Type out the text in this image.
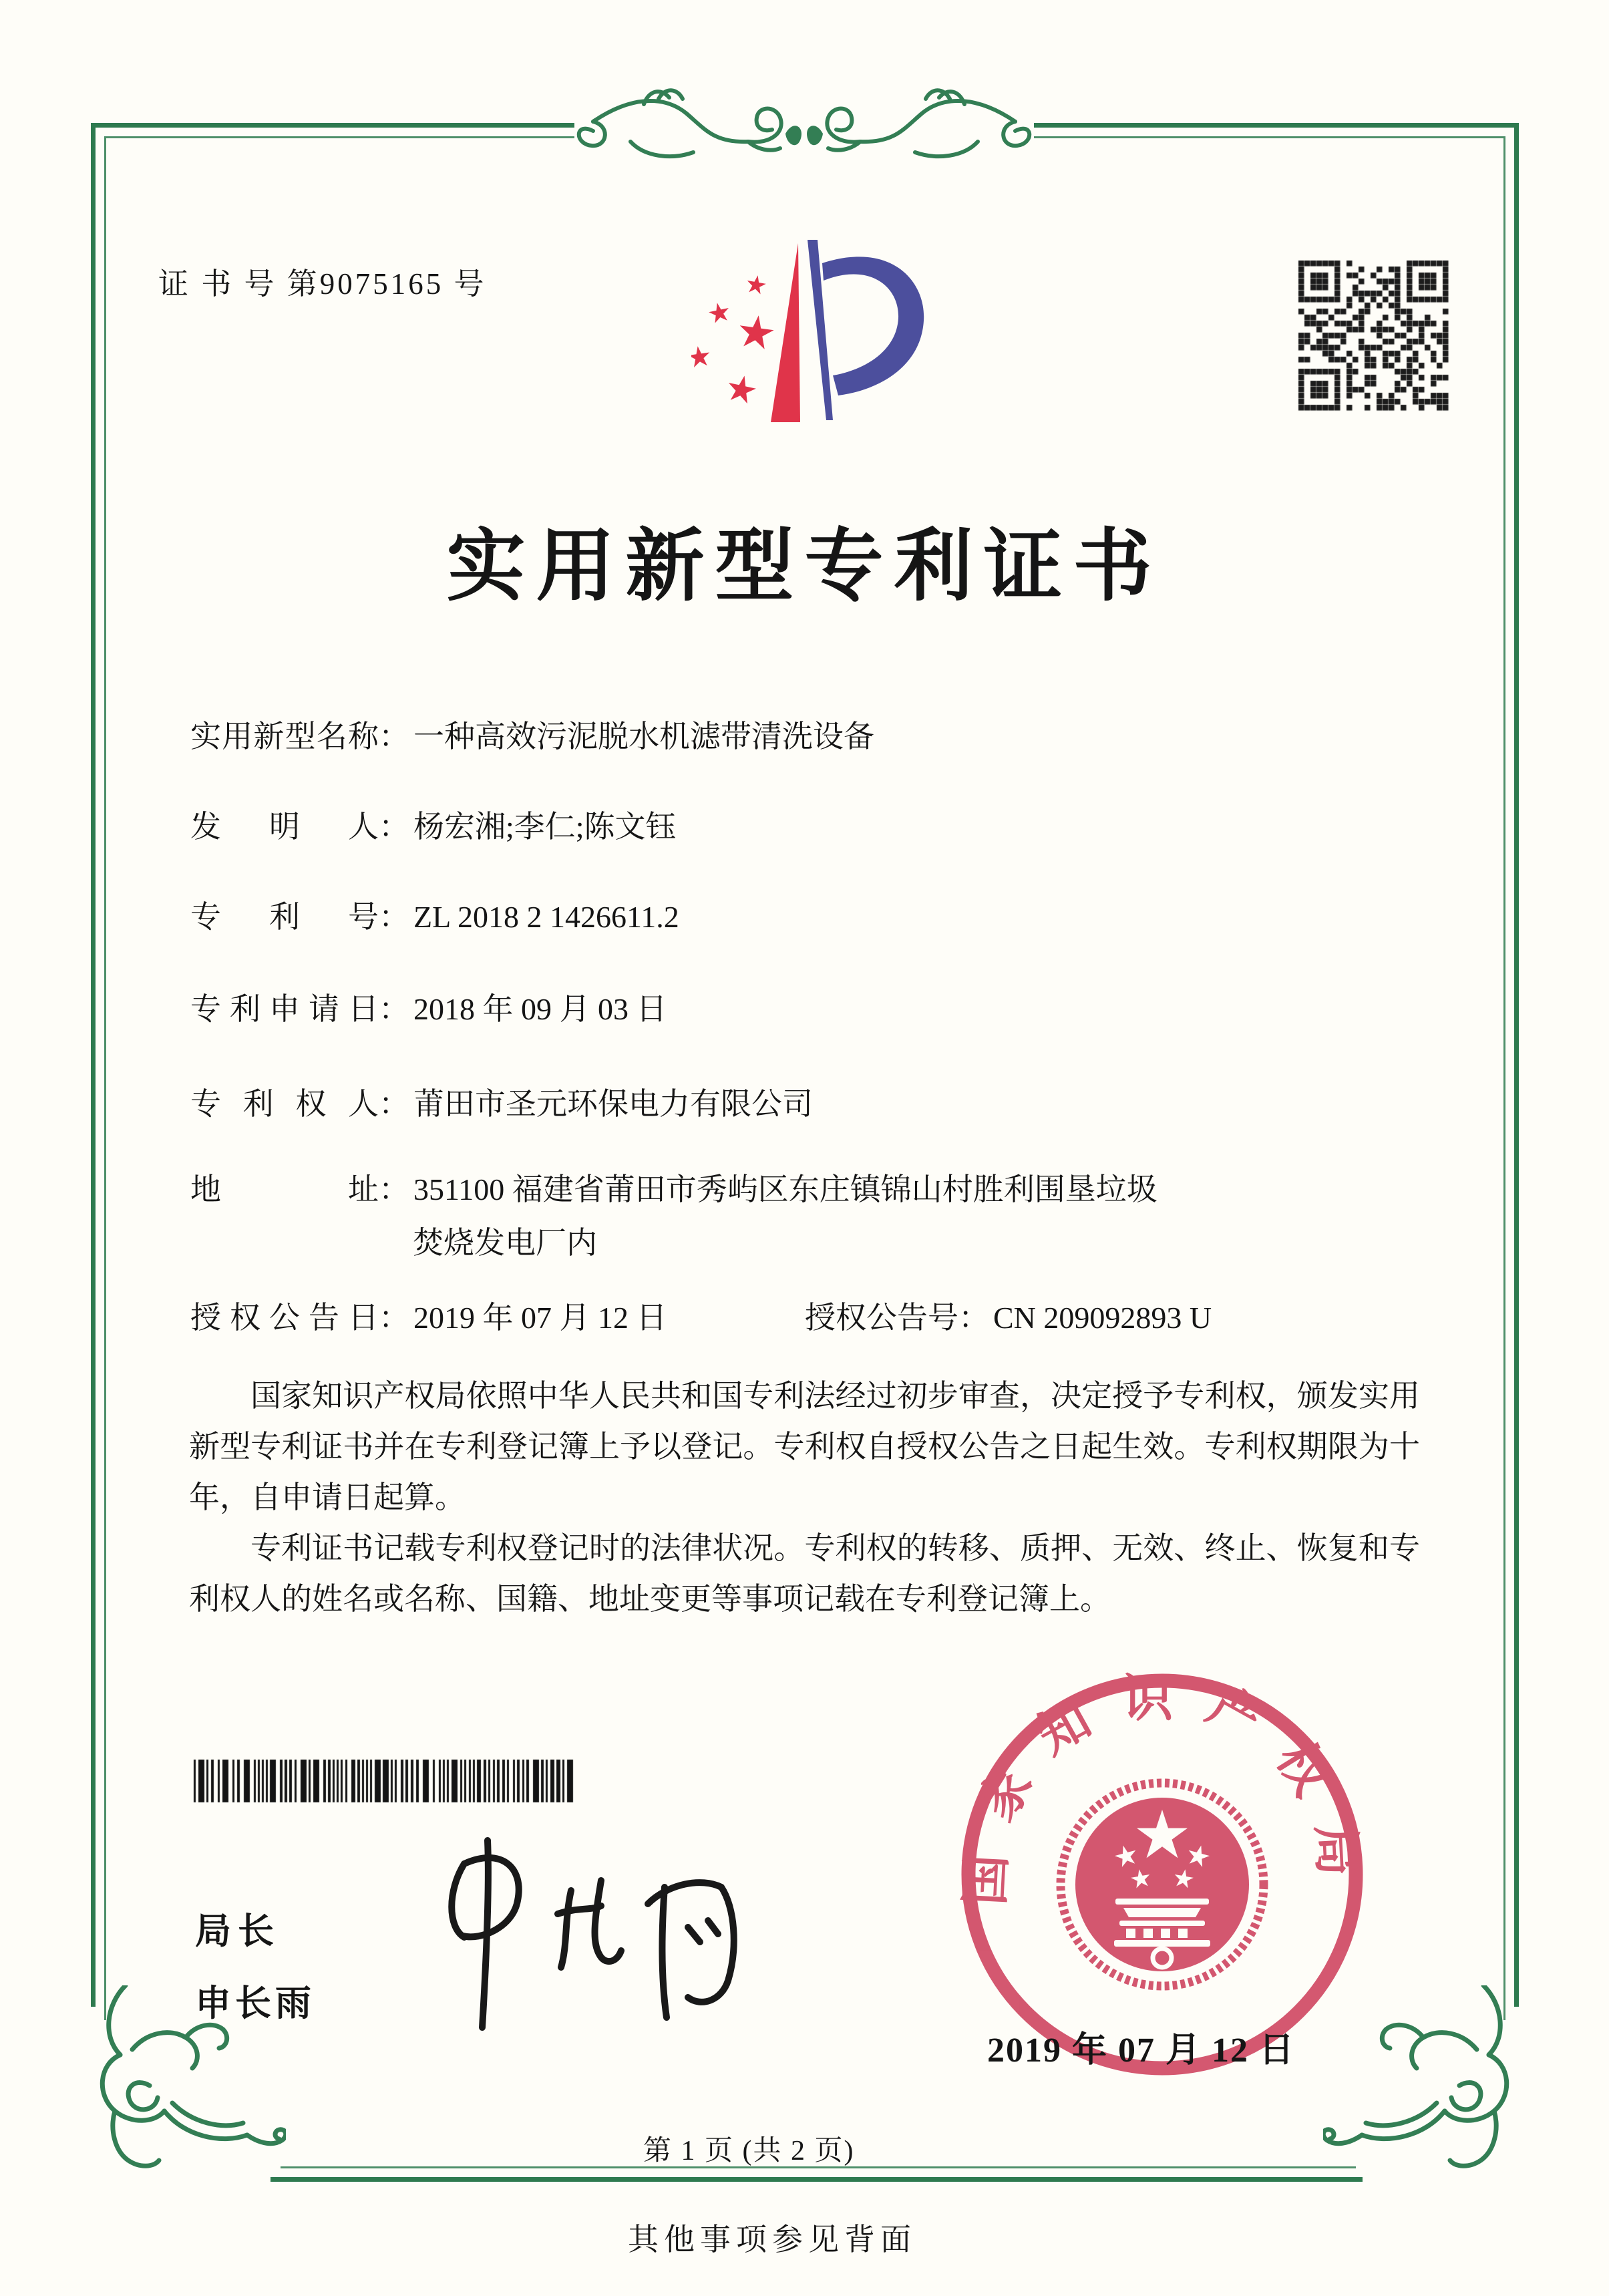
证 书 号 第9075165 号
实用新型专利证书
实用新型名称： 一种高效污泥脱水机滤带清洗设备
发明人： 杨宏湘;李仁;陈文钰
专利号： ZL 2018 2 1426611.2
专利申请日： 2018 年 09 月 03 日
专利权人： 莆田市圣元环保电力有限公司
地址： 351100 福建省莆田市秀屿区东庄镇锦山村胜利围垦垃圾
焚烧发电厂内
授权公告日： 2019 年 07 月 12 日	授权公告号： CN 209092893 U

国家知识产权局依照中华人民共和国专利法经过初步审查，决定授予专利权，颁发实用新型专利证书并在专利登记簿上予以登记。专利权自授权公告之日起生效。专利权期限为十年，自申请日起算。

专利证书记载专利权登记时的法律状况。专利权的转移、质押、无效、终止、恢复和专利权人的姓名或名称、国籍、地址变更等事项记载在专利登记簿上。

局长
申长雨
国家知识产权局
2019 年 07 月 12 日
第 1 页 (共 2 页)
其他事项参见背面
